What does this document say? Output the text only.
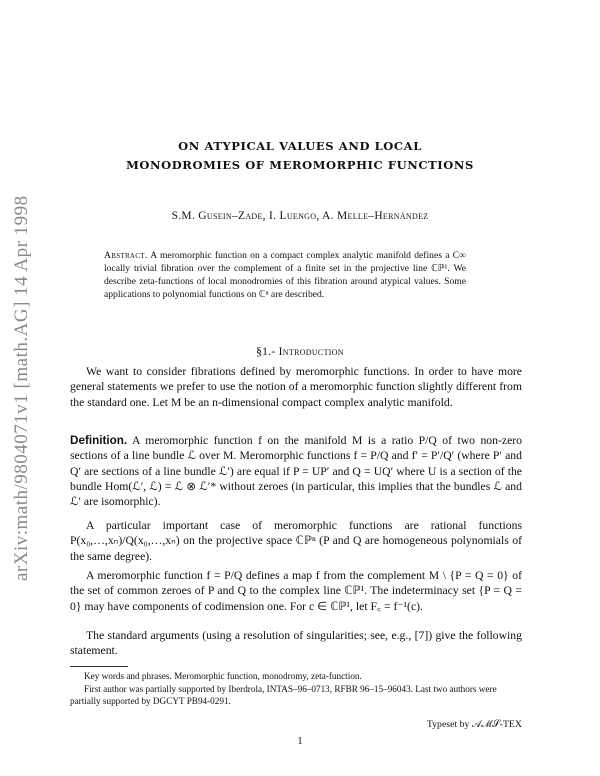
arXiv:math/9804071v1 [math.AG] 14 Apr 1998
ON ATYPICAL VALUES AND LOCAL
MONODROMIES OF MEROMORPHIC FUNCTIONS
S.M. Gusein–Zade, I. Luengo, A. Melle–Hernández
Abstract. A meromorphic function on a compact complex analytic manifold defines a C∞ locally trivial fibration over the complement of a finite set in the projective line ℂℙ¹. We describe zeta-functions of local monodromies of this fibration around atypical values. Some applications to polynomial functions on ℂⁿ are described.
§1.- Introduction
We want to consider fibrations defined by meromorphic functions. In order to have more general statements we prefer to use the notion of a meromorphic function slightly different from the standard one. Let M be an n-dimensional compact complex analytic manifold.
Definition. A meromorphic function f on the manifold M is a ratio P/Q of two non-zero sections of a line bundle ℒ over M. Meromorphic functions f = P/Q and f′ = P′/Q′ (where P′ and Q′ are sections of a line bundle ℒ′) are equal if P = UP′ and Q = UQ′ where U is a section of the bundle Hom(ℒ′, ℒ) = ℒ ⊗ ℒ′* without zeroes (in particular, this implies that the bundles ℒ and ℒ′ are isomorphic).
A particular important case of meromorphic functions are rational functions P(x₀,…,xₙ)/Q(x₀,…,xₙ) on the projective space ℂℙⁿ (P and Q are homogeneous polynomials of the same degree).
A meromorphic function f = P/Q defines a map f from the complement M \ {P = Q = 0} of the set of common zeroes of P and Q to the complex line ℂℙ¹. The indeterminacy set {P = Q = 0} may have components of codimension one. For c ∈ ℂℙ¹, let F꜀ = f⁻¹(c).
The standard arguments (using a resolution of singularities; see, e.g., [7]) give the following statement.

Key words and phrases. Meromorphic function, monodromy, zeta-function.

First author was partially supported by Iberdrola, INTAS–96–0713, RFBR 96–15–96043. Last two authors were partially supported by DGCYT PB94-0291.

Typeset by 𝒜ℳ𝒮-TEX
1
